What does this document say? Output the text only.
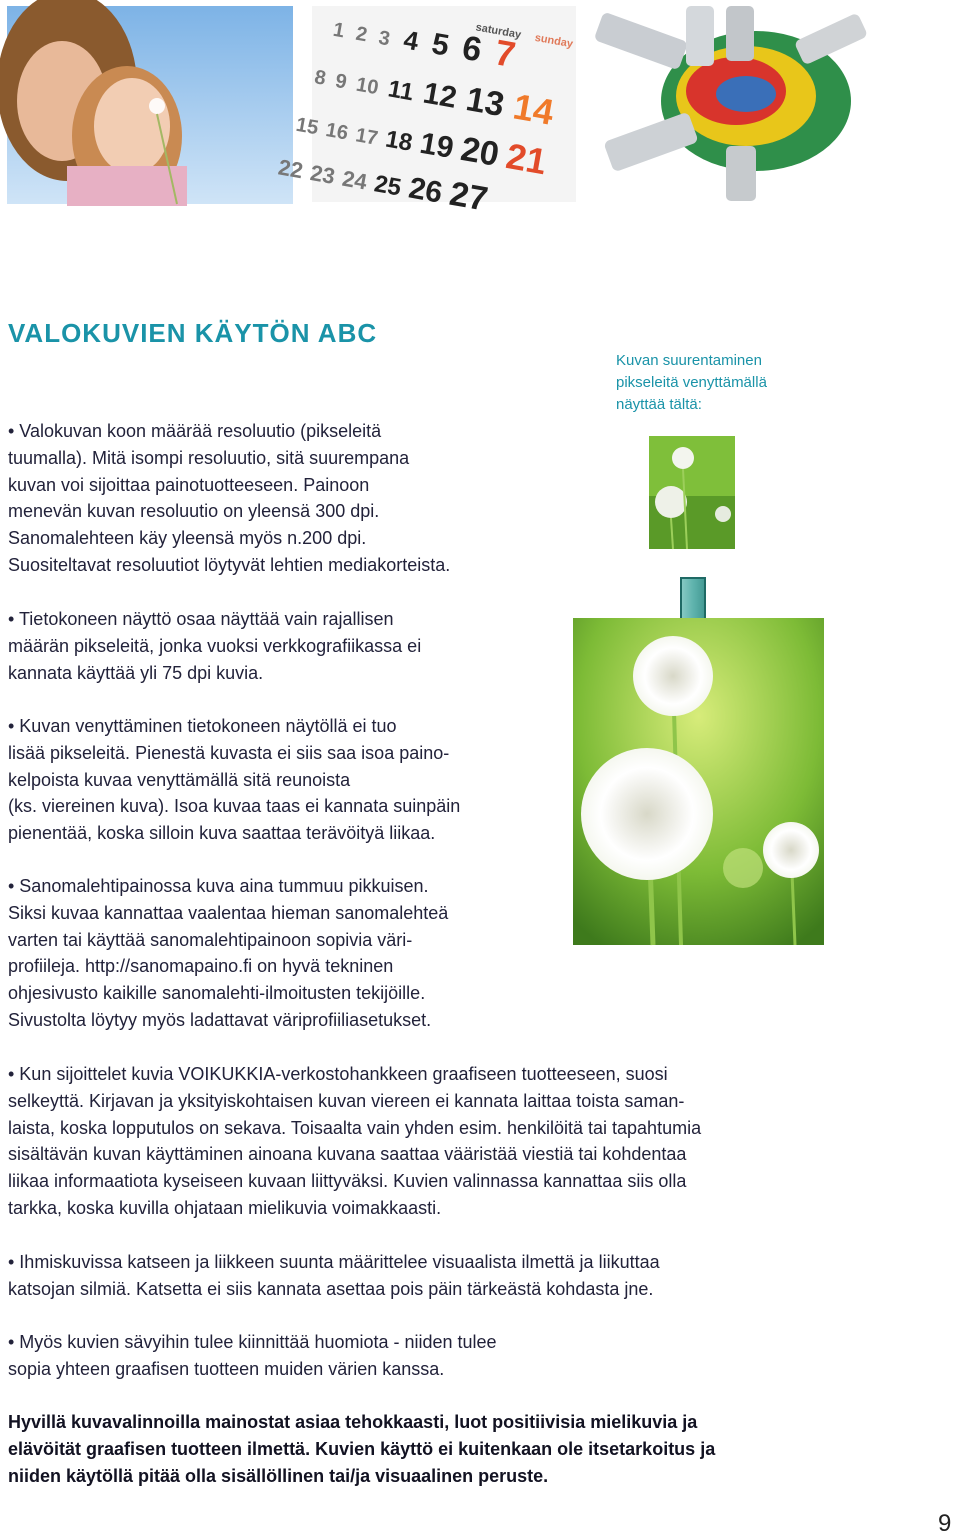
saturday sunday
1 2 3 4 5 6 7
8 9 10 11 12 1314
15 16 17 18 192021
22 23 24 25 2627
VALOKUVIEN KÄYTÖN ABC
Kuvan suurentaminen
pikseleitä venyttämällä
näyttää tältä:
• Valokuvan koon määrää resoluutio (pikseleitä
tuumalla). Mitä isompi resoluutio, sitä suurempana
kuvan voi sijoittaa painotuotteeseen. Painoon
menevän kuvan resoluutio on yleensä 300 dpi.
Sanomalehteen käy yleensä myös n.200 dpi.
Suositeltavat resoluutiot löytyvät lehtien mediakorteista.
• Tietokoneen näyttö osaa näyttää vain rajallisen
määrän pikseleitä, jonka vuoksi verkkografiikassa ei
kannata käyttää yli 75 dpi kuvia.
• Kuvan venyttäminen tietokoneen näytöllä ei tuo
lisää pikseleitä. Pienestä kuvasta ei siis saa isoa paino-
kelpoista kuvaa venyttämällä sitä reunoista
(ks. viereinen kuva). Isoa kuvaa taas ei kannata suinpäin
pienentää, koska silloin kuva saattaa terävöityä liikaa.
• Sanomalehtipainossa kuva aina tummuu pikkuisen.
Siksi kuvaa kannattaa vaalentaa hieman sanomalehteä
varten tai käyttää sanomalehtipainoon sopivia väri-
profiileja. http://sanomapaino.fi on hyvä tekninen
ohjesivusto kaikille sanomalehti-ilmoitusten tekijöille.
Sivustolta löytyy myös ladattavat väriprofiiliasetukset.
• Kun sijoittelet kuvia VOIKUKKIA-verkostohankkeen graafiseen tuotteeseen, suosi
selkeyttä. Kirjavan ja yksityiskohtaisen kuvan viereen ei kannata laittaa toista saman-
laista, koska lopputulos on sekava. Toisaalta vain yhden esim. henkilöitä tai tapahtumia
sisältävän kuvan käyttäminen ainoana kuvana saattaa vääristää viestiä tai kohdentaa
liikaa informaatiota kyseiseen kuvaan liittyväksi. Kuvien valinnassa kannattaa siis olla
tarkka, koska kuvilla ohjataan mielikuvia voimakkaasti.
• Ihmiskuvissa katseen ja liikkeen suunta määrittelee visuaalista ilmettä ja liikuttaa
katsojan silmiä. Katsetta ei siis kannata asettaa pois päin tärkeästä kohdasta jne.
• Myös kuvien sävyihin tulee kiinnittää huomiota - niiden tulee
sopia yhteen graafisen tuotteen muiden värien kanssa.
Hyvillä kuvavalinnoilla mainostat asiaa tehokkaasti, luot positiivisia mielikuvia ja
elävöität graafisen tuotteen ilmettä. Kuvien käyttö ei kuitenkaan ole itsetarkoitus ja
niiden käytöllä pitää olla sisällöllinen tai/ja visuaalinen peruste.
9
